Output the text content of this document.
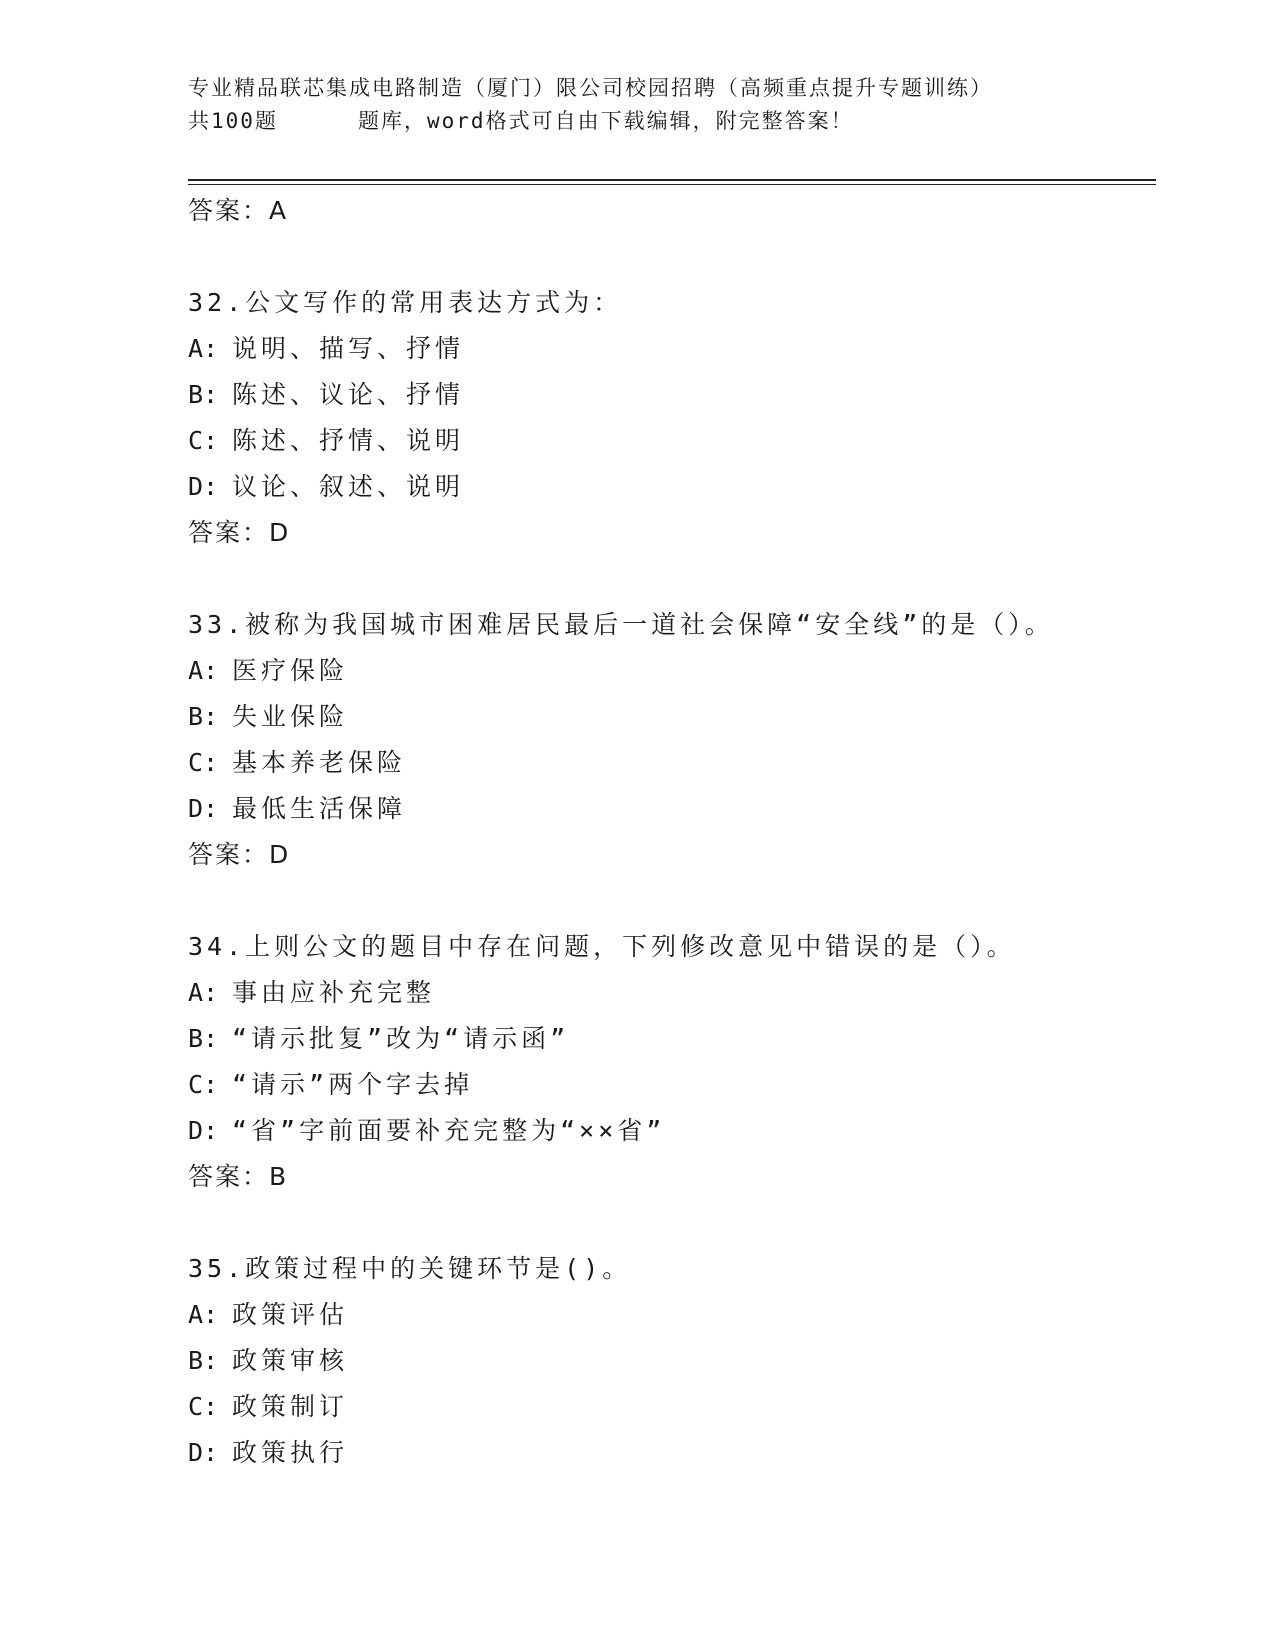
专业精品联芯集成电路制造（厦门）限公司校园招聘（高频重点提升专题训练）
共100题	题库，word格式可自由下载编辑，附完整答案！
答案：A
32.公文写作的常用表达方式为：
A: 说明、描写、抒情
B: 陈述、议论、抒情
C: 陈述、抒情、说明
D: 议论、叙述、说明
答案：D
33.被称为我国城市困难居民最后一道社会保障“安全线”的是（）。
A: 医疗保险
B: 失业保险
C: 基本养老保险
D: 最低生活保障
答案：D
34.上则公文的题目中存在问题，下列修改意见中错误的是（）。
A: 事由应补充完整
B: “请示批复”改为“请示函”
C: “请示”两个字去掉
D: “省”字前面要补充完整为“××省”
答案：B
35.政策过程中的关键环节是()。
A: 政策评估
B: 政策审核
C: 政策制订
D: 政策执行
